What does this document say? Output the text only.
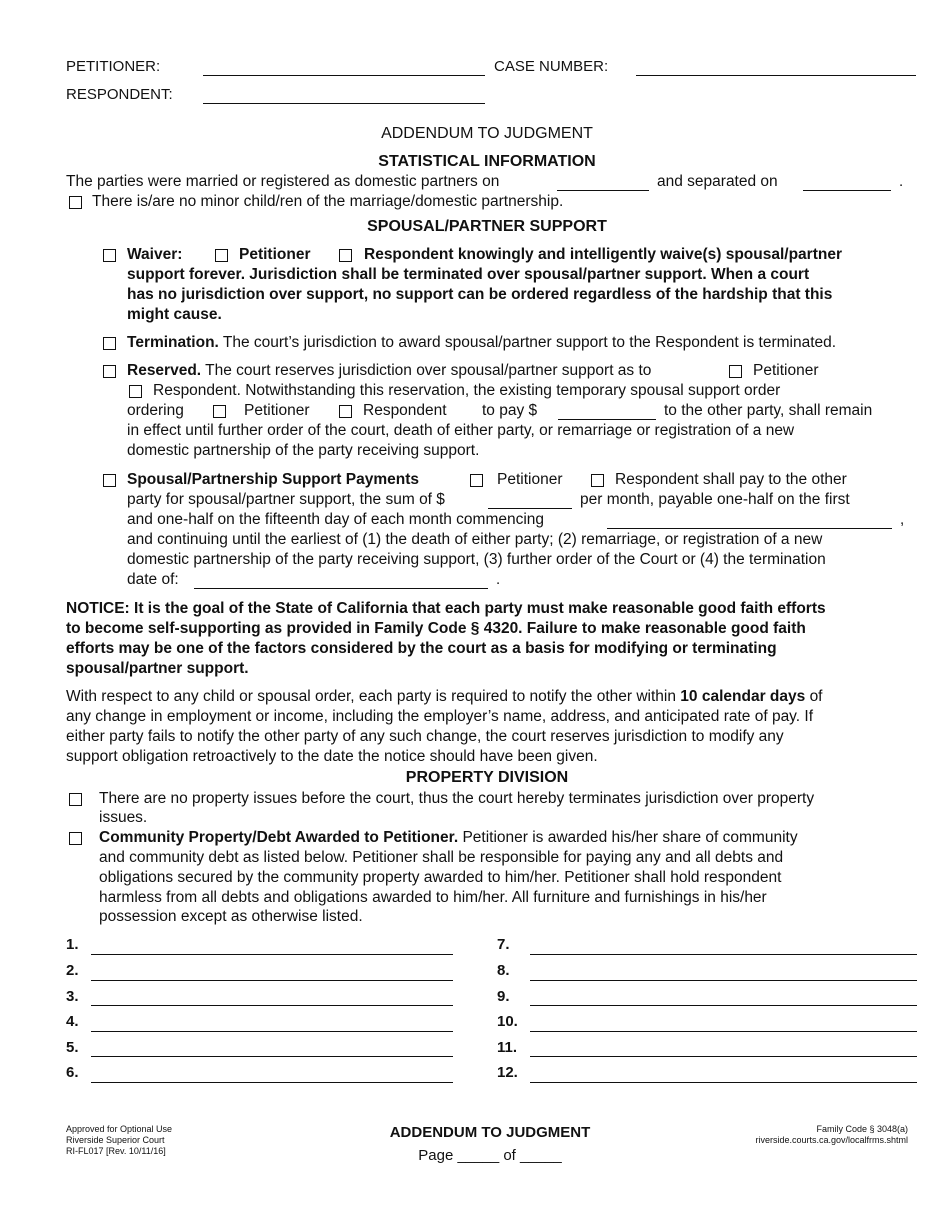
PETITIONER:	CASE NUMBER:
RESPONDENT:
ADDENDUM TO JUDGMENT
STATISTICAL INFORMATION
The parties were married or registered as domestic partners on	and separated on	.
There is/are no minor child/ren of the marriage/domestic partnership.
SPOUSAL/PARTNER SUPPORT
Waiver:	Petitioner	Respondent knowingly and intelligently waive(s) spousal/partner
support forever. Jurisdiction shall be terminated over spousal/partner support. When a court
has no jurisdiction over support, no support can be ordered regardless of the hardship that this
might cause.
Termination. The court’s jurisdiction to award spousal/partner support to the Respondent is terminated.
Reserved. The court reserves jurisdiction over spousal/partner support as to	Petitioner
Respondent. Notwithstanding this reservation, the existing temporary spousal support order
ordering	Petitioner	Respondent to pay $	to the other party, shall remain
in effect until further order of the court, death of either party, or remarriage or registration of a new
domestic partnership of the party receiving support.
Spousal/Partnership Support Payments	Petitioner	Respondent shall pay to the other
party for spousal/partner support, the sum of $	per month, payable one-half on the first
and one-half on the fifteenth day of each month commencing	,
and continuing until the earliest of (1) the death of either party; (2) remarriage, or registration of a new
domestic partnership of the party receiving support, (3) further order of the Court or (4) the termination
date of:	.
NOTICE: It is the goal of the State of California that each party must make reasonable good faith efforts
to become self-supporting as provided in Family Code § 4320. Failure to make reasonable good faith
efforts may be one of the factors considered by the court as a basis for modifying or terminating
spousal/partner support.
With respect to any child or spousal order, each party is required to notify the other within 10 calendar days of
any change in employment or income, including the employer’s name, address, and anticipated rate of pay. If
either party fails to notify the other party of any such change, the court reserves jurisdiction to modify any
support obligation retroactively to the date the notice should have been given.
PROPERTY DIVISION
There are no property issues before the court, thus the court hereby terminates jurisdiction over property
issues.
Community Property/Debt Awarded to Petitioner. Petitioner is awarded his/her share of community
and community debt as listed below. Petitioner shall be responsible for paying any and all debts and
obligations secured by the community property awarded to him/her. Petitioner shall hold respondent
harmless from all debts and obligations awarded to him/her. All furniture and furnishings in his/her
possession except as otherwise listed.
1.
2.
3.
4.
5.
6.
7.
8.
9.
10.
11.
12.
Approved for Optional Use
Riverside Superior Court
RI-FL017 [Rev. 10/11/16]
ADDENDUM TO JUDGMENT
Page _____ of _____
Family Code § 3048(a)
riverside.courts.ca.gov/localfrms.shtml
